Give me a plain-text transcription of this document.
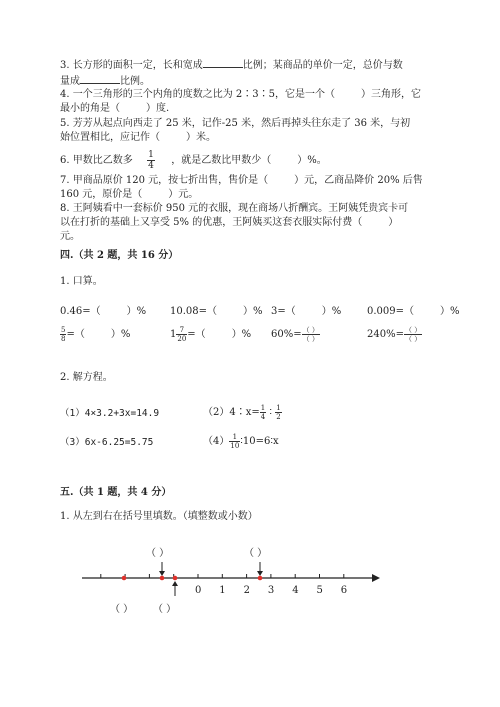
3. 长方形的面积一定，长和宽成	比例；某商品的单价一定，总价与数
量成	比例。
4. 一个三角形的三个内角的度数之比为 2∶3∶5，它是一个（	）三角形，它
最小的角是（	）度.
5. 芳芳从起点向西走了 25 米，记作-25 米，然后再掉头往东走了 36 米，与初
始位置相比，应记作（	）米。
6. 甲数比乙数多 $\frac{1}{4}$ ，就是乙数比甲数少（	）%。
7. 甲商品原价 120 元，按七折出售，售价是（	）元，乙商品降价 20% 后售
160 元，原价是（	）元。
8. 王阿姨看中一套标价 950 元的衣服，现在商场八折酬宾。王阿姨凭贵宾卡可
以在打折的基础上又享受 5% 的优惠，王阿姨买这套衣服实际付费（	）
元。
四.（共 2 题，共 16 分）
1. 口算。
0.46=（	）% 10.08=（	）% 3=（	）%	0.009=（	）%
$\frac{5}{8}$ =（	）%	$1 \frac{7}{20}$ =（	）% $60\%= \frac{( )}{( )}$	$240\%= \frac{( )}{( )}$
2. 解方程。
（1）4×3.2+3x=14.9	（2）4∶x= $\frac{1}{4}$ ∶ $\frac{1}{2}$
（3）6x-6.25=5.75	$(4) \frac{1}{10}$ ∶10=6∶x
五.（共 1 题，共 4 分）
1. 从左到右在括号里填数。（填整数或小数）
（ ）	（ ）
（ ） （ ）
0 1 2 3 4 5 6
